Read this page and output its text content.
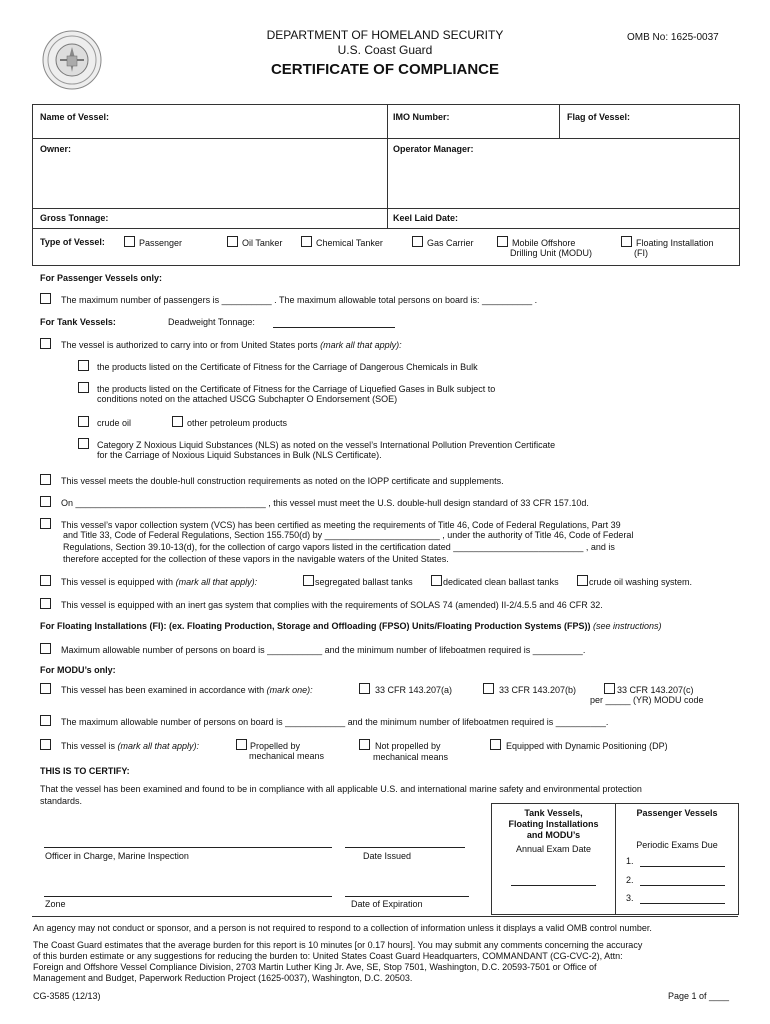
DEPARTMENT OF HOMELAND SECURITY
U.S. Coast Guard
CERTIFICATE OF COMPLIANCE
OMB No: 1625-0037
Name of Vessel:	IMO Number:	Flag of Vessel:
Owner:	Operator Manager:
Gross Tonnage:	Keel Laid Date:
Type of Vessel:	Passenger	Oil Tanker	Chemical Tanker	Gas Carrier	Mobile Offshore
Drilling Unit (MODU)
Floating Installation
(FI)
For Passenger Vessels only:
The maximum number of passengers is __________ . The maximum allowable total persons on board is: __________ .
For Tank Vessels:	Deadweight Tonnage:
The vessel is authorized to carry into or from United States ports (mark all that apply):
the products listed on the Certificate of Fitness for the Carriage of Dangerous Chemicals in Bulk
the products listed on the Certificate of Fitness for the Carriage of Liquefied Gases in Bulk subject to
conditions noted on the attached USCG Subchapter O Endorsement (SOE)
crude oil	other petroleum products
Category Z Noxious Liquid Substances (NLS) as noted on the vessel’s International Pollution Prevention Certificate
for the Carriage of Noxious Liquid Substances in Bulk (NLS Certificate).
This vessel meets the double-hull construction requirements as noted on the IOPP certificate and supplements.
On ______________________________________ , this vessel must meet the U.S. double-hull design standard of 33 CFR 157.10d.
This vessel’s vapor collection system (VCS) has been certified as meeting the requirements of Title 46, Code of Federal Regulations, Part 39
and Title 33, Code of Federal Regulations, Section 155.750(d) by _______________________ , under the authority of Title 46, Code of Federal
Regulations, Section 39.10-13(d), for the collection of cargo vapors listed in the certification dated __________________________ , and is
therefore accepted for the collection of these vapors in the navigable waters of the United States.
This vessel is equipped with (mark all that apply):	segregated ballast tanks	dedicated clean ballast tanks	crude oil washing system.
This vessel is equipped with an inert gas system that complies with the requirements of SOLAS 74 (amended) II-2/4.5.5 and 46 CFR 32.
For Floating Installations (FI): (ex. Floating Production, Storage and Offloading (FPSO) Units/Floating Production Systems (FPS)) (see instructions)
Maximum allowable number of persons on board is ___________ and the minimum number of lifeboatmen required is __________.
For MODU’s only:
This vessel has been examined in accordance with (mark one):	33 CFR 143.207(a)	33 CFR 143.207(b)	33 CFR 143.207(c)
per _____ (YR) MODU code
The maximum allowable number of persons on board is ____________ and the minimum number of lifeboatmen required is __________.
This vessel is (mark all that apply):	Propelled by
mechanical means
Not propelled by
mechanical means
Equipped with Dynamic Positioning (DP)
THIS IS TO CERTIFY:
That the vessel has been examined and found to be in compliance with all applicable U.S. and international marine safety and environmental protection
standards.
Officer in Charge, Marine Inspection	Date Issued
Zone	Date of Expiration
Tank Vessels,
Floating Installations
and MODU’s
Annual Exam Date
Passenger Vessels
Periodic Exams Due
1.
2.
3.
An agency may not conduct or sponsor, and a person is not required to respond to a collection of information unless it displays a valid OMB control number.
The Coast Guard estimates that the average burden for this report is 10 minutes [or 0.17 hours]. You may submit any comments concerning the accuracy
of this burden estimate or any suggestions for reducing the burden to: United States Coast Guard Headquarters, COMMANDANT (CG-CVC-2), Attn:
Foreign and Offshore Vessel Compliance Division, 2703 Martin Luther King Jr. Ave, SE, Stop 7501, Washington, D.C. 20593-7501 or Office of
Management and Budget, Paperwork Reduction Project (1625-0037), Washington, D.C. 20503.
CG-3585 (12/13)	Page 1 of ____
